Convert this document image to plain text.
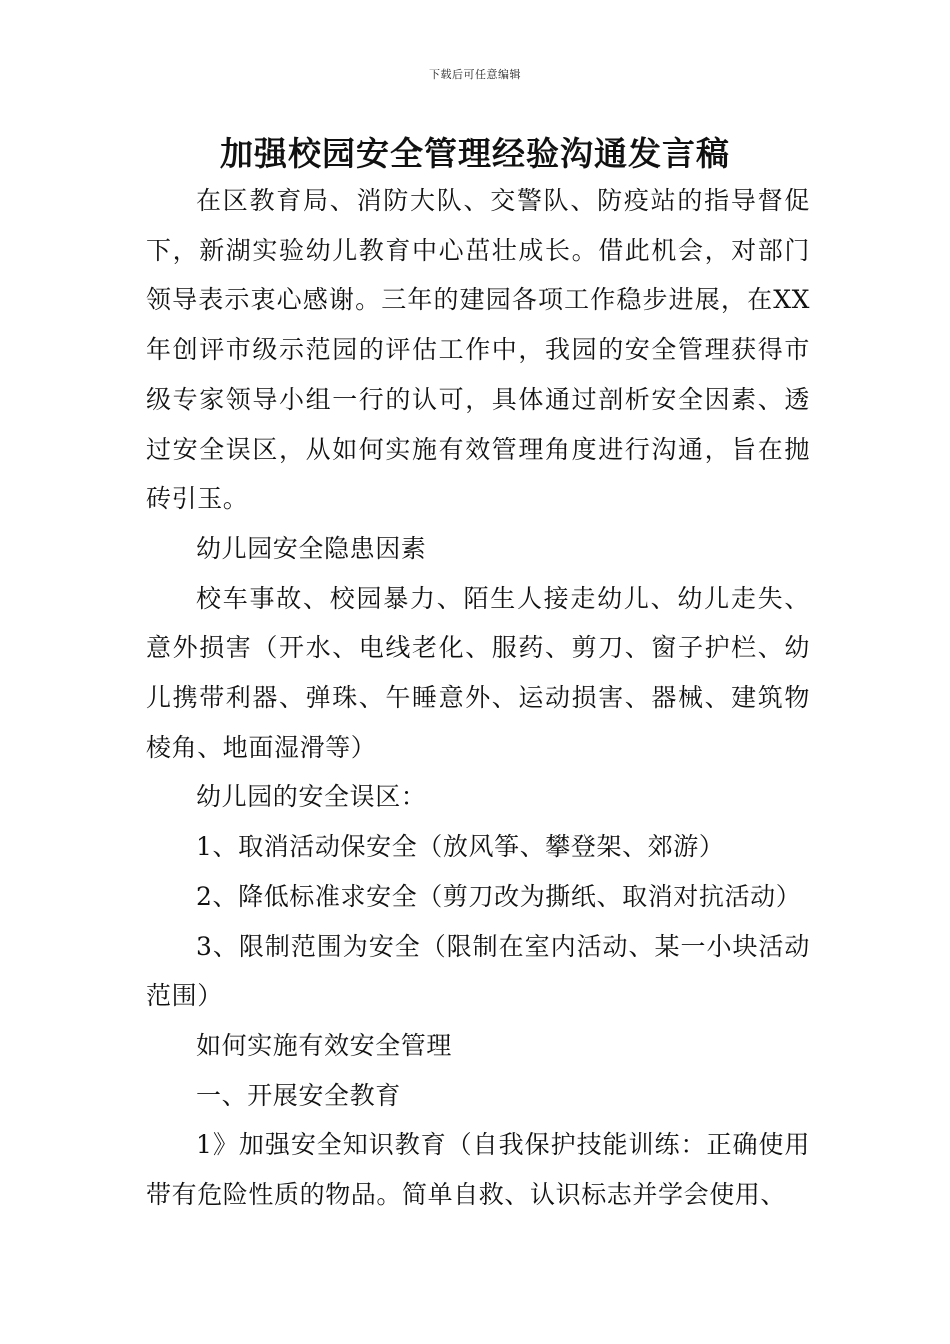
下载后可任意编辑
加强校园安全管理经验沟通发言稿

在区教育局、消防大队、交警队、防疫站的指导督促下，新湖实验幼儿教育中心茁壮成长。借此机会，对部门领导表示衷心感谢。三年的建园各项工作稳步进展，在XX年创评市级示范园的评估工作中，我园的安全管理获得市级专家领导小组一行的认可，具体通过剖析安全因素、透过安全误区，从如何实施有效管理角度进行沟通，旨在抛砖引玉。

幼儿园安全隐患因素

校车事故、校园暴力、陌生人接走幼儿、幼儿走失、意外损害（开水、电线老化、服药、剪刀、窗子护栏、幼儿携带利器、弹珠、午睡意外、运动损害、器械、建筑物棱角、地面湿滑等）

幼儿园的安全误区：

1、取消活动保安全（放风筝、攀登架、郊游）

2、降低标准求安全（剪刀改为撕纸、取消对抗活动）

3、限制范围为安全（限制在室内活动、某一小块活动范围）

如何实施有效安全管理

一、开展安全教育

1》加强安全知识教育（自我保护技能训练：正确使用带有危险性质的物品。简单自救、认识标志并学会使用、
